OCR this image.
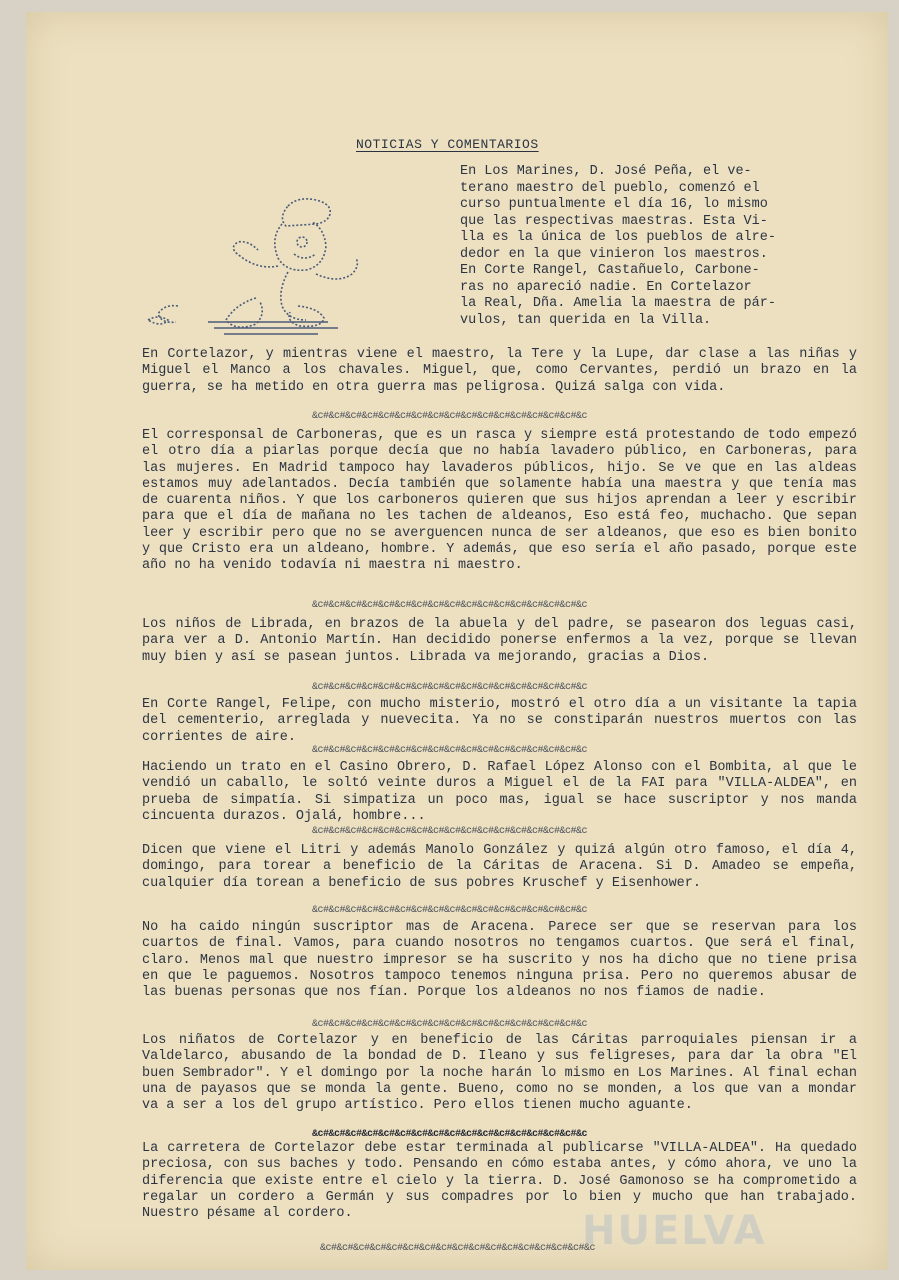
NOTICIAS Y COMENTARIOS
En Los Marines, D. José Peña, el ve-
terano maestro del pueblo, comenzó el
curso puntualmente el día 16, lo mismo
que las respectivas maestras. Esta Vi-
lla es la única de los pueblos de alre-
dedor en la que vinieron los maestros.
En Corte Rangel, Castañuelo, Carbone-
ras no apareció nadie. En Cortelazor
la Real, Dña. Amelia la maestra de pár-
vulos, tan querida en la Villa.
En Cortelazor, y mientras viene el maestro, la Tere y la Lupe, dar clase a las niñas y Miguel el Manco a los chavales. Miguel, que, como Cervantes, perdió un brazo en la guerra, se ha metido en otra guerra mas peligrosa. Quizá salga con vida.
&c#&c#&c#&c#&c#&c#&c#&c#&c#&c#&c#&c#&c#&c#&c#&c#&c
El corresponsal de Carboneras, que es un rasca y siempre está protestando de todo empezó el otro día a piarlas porque decía que no había lavadero público, en Carboneras, para las mujeres. En Madrid tampoco hay lavaderos públicos, hijo. Se ve que en las aldeas estamos muy adelantados. Decía también que solamente había una maestra y que tenía mas de cuarenta niños. Y que los carboneros quieren que sus hijos aprendan a leer y escribir para que el día de mañana no les tachen de aldeanos, Eso está feo, muchacho. Que sepan leer y escribir pero que no se averguencen nunca de ser aldeanos, que eso es bien bonito y que Cristo era un aldeano, hombre. Y además, que eso sería el año pasado, porque este año no ha venido todavía ni maestra ni maestro.
&c#&c#&c#&c#&c#&c#&c#&c#&c#&c#&c#&c#&c#&c#&c#&c#&c
Los niños de Librada, en brazos de la abuela y del padre, se pasearon dos leguas casi, para ver a D. Antonio Martín. Han decidido ponerse enfermos a la vez, porque se llevan muy bien y así se pasean juntos. Librada va mejorando, gracias a Dios.
&c#&c#&c#&c#&c#&c#&c#&c#&c#&c#&c#&c#&c#&c#&c#&c#&c
En Corte Rangel, Felipe, con mucho misterio, mostró el otro día a un visitante la tapia del cementerio, arreglada y nuevecita. Ya no se constiparán nuestros muertos con las corrientes de aire.
&c#&c#&c#&c#&c#&c#&c#&c#&c#&c#&c#&c#&c#&c#&c#&c#&c
Haciendo un trato en el Casino Obrero, D. Rafael López Alonso con el Bombita, al que le vendió un caballo, le soltó veinte duros a Miguel el de la FAI para "VILLA-ALDEA", en prueba de simpatía. Si simpatiza un poco mas, igual se hace suscriptor y nos manda cincuenta durazos. Ojalá, hombre...
&c#&c#&c#&c#&c#&c#&c#&c#&c#&c#&c#&c#&c#&c#&c#&c#&c
Dicen que viene el Litri y además Manolo González y quizá algún otro famoso, el día 4, domingo, para torear a beneficio de la Cáritas de Aracena. Si D. Amadeo se empeña, cualquier día torean a beneficio de sus pobres Kruschef y Eisenhower.
&c#&c#&c#&c#&c#&c#&c#&c#&c#&c#&c#&c#&c#&c#&c#&c#&c
No ha caido ningún suscriptor mas de Aracena. Parece ser que se reservan para los cuartos de final. Vamos, para cuando nosotros no tengamos cuartos. Que será el final, claro. Menos mal que nuestro impresor se ha suscrito y nos ha dicho que no tiene prisa en que le paguemos. Nosotros tampoco tenemos ninguna prisa. Pero no queremos abusar de las buenas personas que nos fían. Porque los aldeanos no nos fiamos de nadie.
&c#&c#&c#&c#&c#&c#&c#&c#&c#&c#&c#&c#&c#&c#&c#&c#&c
Los niñatos de Cortelazor y en beneficio de las Cáritas parroquiales piensan ir a Valdelarco, abusando de la bondad de D. Ileano y sus feligreses, para dar la obra "El buen Sembrador". Y el domingo por la noche harán lo mismo en Los Marines. Al final echan una de payasos que se monda la gente. Bueno, como no se monden, a los que van a mondar va a ser a los del grupo artístico. Pero ellos tienen mucho aguante.
&c#&c#&c#&c#&c#&c#&c#&c#&c#&c#&c#&c#&c#&c#&c#&c#&c
La carretera de Cortelazor debe estar terminada al publicarse "VILLA-ALDEA". Ha quedado preciosa, con sus baches y todo. Pensando en cómo estaba antes, y cómo ahora, ve uno la diferencia que existe entre el cielo y la tierra. D. José Gamonoso se ha comprometido a regalar un cordero a Germán y sus compadres por lo bien y mucho que han trabajado. Nuestro pésame al cordero.
&c#&c#&c#&c#&c#&c#&c#&c#&c#&c#&c#&c#&c#&c#&c#&c#&c
HUELVA
